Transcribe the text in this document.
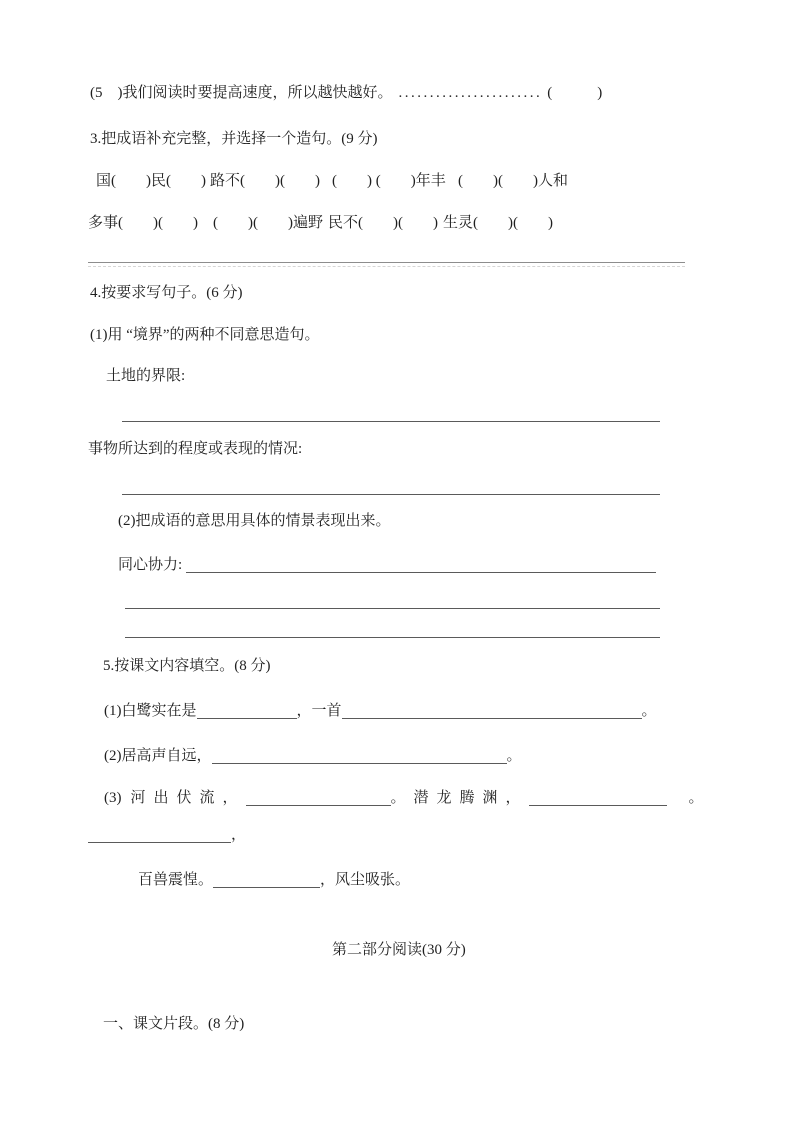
(5　)我们阅读时要提高速度，所以越快越好。 ....................... (　　　)
3.把成语补充完整，并选择一个造句。(9 分)
国(　　)民(　　) 路不(　　)(　　) (　　) (　　)年丰 (　　)(　　)人和
多事(　　)(　　) (　　)(　　)遍野 民不(　　)(　　) 生灵(　　)(　　)
4.按要求写句子。(6 分)
(1)用 “境界”的两种不同意思造句。
土地的界限:
事物所达到的程度或表现的情况:
(2)把成语的意思用具体的情景表现出来。
同心协力:
5.按课文内容填空。(8 分)
(1)白鹭实在是	，一首	。
(2)居高声自远，	。
(3) 河出伏流，	。潜龙腾渊，	。
，
百兽震惶。	，风尘吸张。
第二部分阅读(30 分)
一、课文片段。(8 分)
